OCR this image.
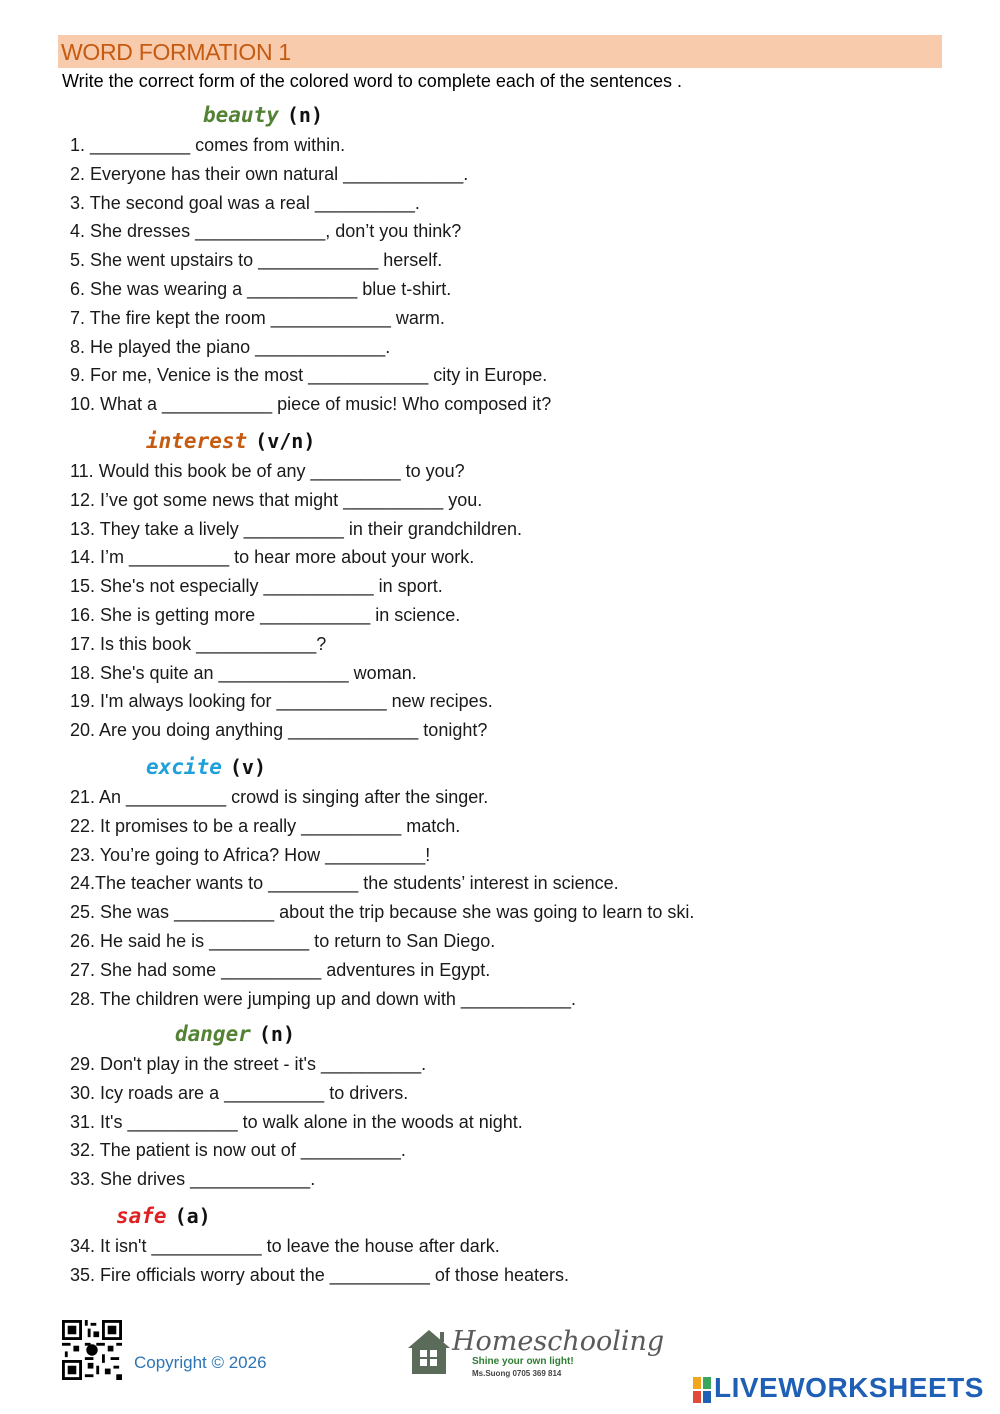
WORD FORMATION 1
Write the correct form of the colored word to complete each of the sentences .
beauty (n)
1. __________ comes from within.
2. Everyone has their own natural ____________.
3. The second goal was a real __________.
4. She dresses _____________, don’t you think?
5. She went upstairs to ____________ herself.
6. She was wearing a ___________ blue t-shirt.
7. The fire kept the room ____________ warm.
8. He played the piano _____________.
9. For me, Venice is the most ____________ city in Europe.
10. What a ___________ piece of music! Who composed it?
interest (v/n)
11. Would this book be of any _________ to you?
12. I’ve got some news that might __________ you.
13. They take a lively __________ in their grandchildren.
14. I’m __________ to hear more about your work.
15. She's not especially ___________ in sport.
16. She is getting more ___________ in science.
17. Is this book ____________?
18. She's quite an _____________ woman.
19. I'm always looking for ___________ new recipes.
20. Are you doing anything _____________ tonight?
excite (v)
21. An __________ crowd is singing after the singer.
22. It promises to be a really __________ match.
23. You’re going to Africa? How __________!
24.The teacher wants to _________ the students’ interest in science.
25. She was __________ about the trip because she was going to learn to ski.
26. He said he is __________ to return to San Diego.
27. She had some __________ adventures in Egypt.
28. The children were jumping up and down with ___________.
danger (n)
29. Don't play in the street - it's __________.
30. Icy roads are a __________ to drivers.
31. It's ___________ to walk alone in the woods at night.
32. The patient is now out of __________.
33. She drives ____________.
safe (a)
34. It isn't ___________ to leave the house after dark.
35. Fire officials worry about the __________ of those heaters.
Copyright © 2026
Homeschooling
Shine your own light!
Ms.Suong 0705 369 814	LIVEWORKSHEETS
